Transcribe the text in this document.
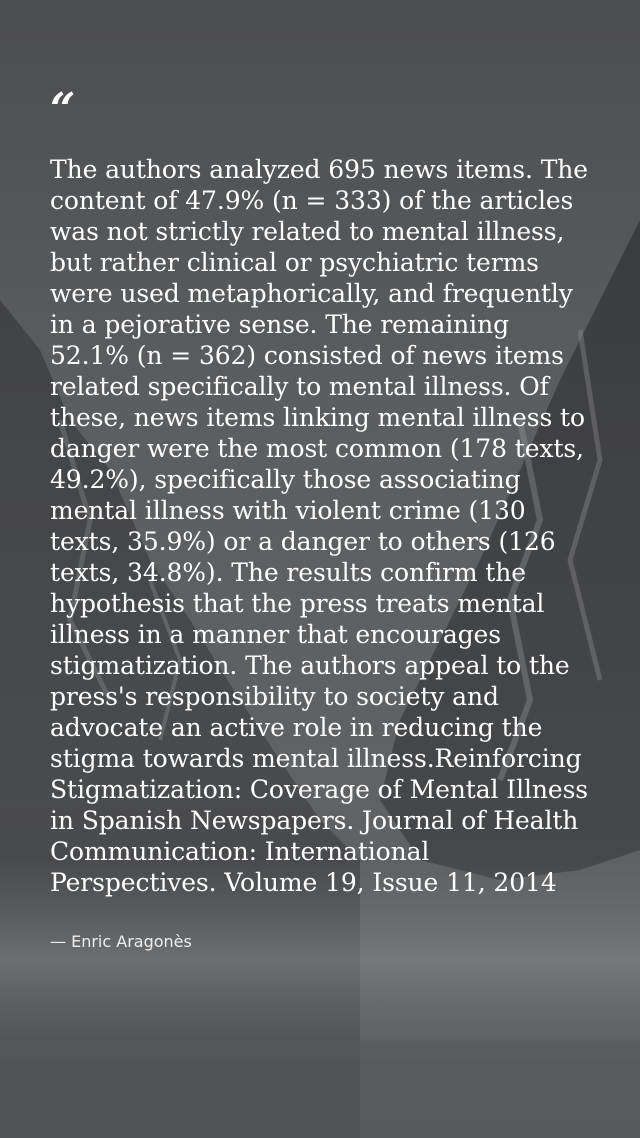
“

The authors analyzed 695 news items. The content of 47.9% (n = 333) of the articles was not strictly related to mental illness, but rather clinical or psychiatric terms were used metaphorically, and frequently in a pejorative sense. The remaining 52.1% (n = 362) consisted of news items related specifically to mental illness. Of these, news items linking mental illness to danger were the most common (178 texts, 49.2%), specifically those associating mental illness with violent crime (130 texts, 35.9%) or a danger to others (126 texts, 34.8%). The results confirm the hypothesis that the press treats mental illness in a manner that encourages stigmatization. The authors appeal to the press's responsibility to society and advocate an active role in reducing the stigma towards mental illness.Reinforcing Stigmatization: Coverage of Mental Illness in Spanish Newspapers. Journal of Health Communication: International Perspectives. Volume 19, Issue 11, 2014

— Enric Aragonès
